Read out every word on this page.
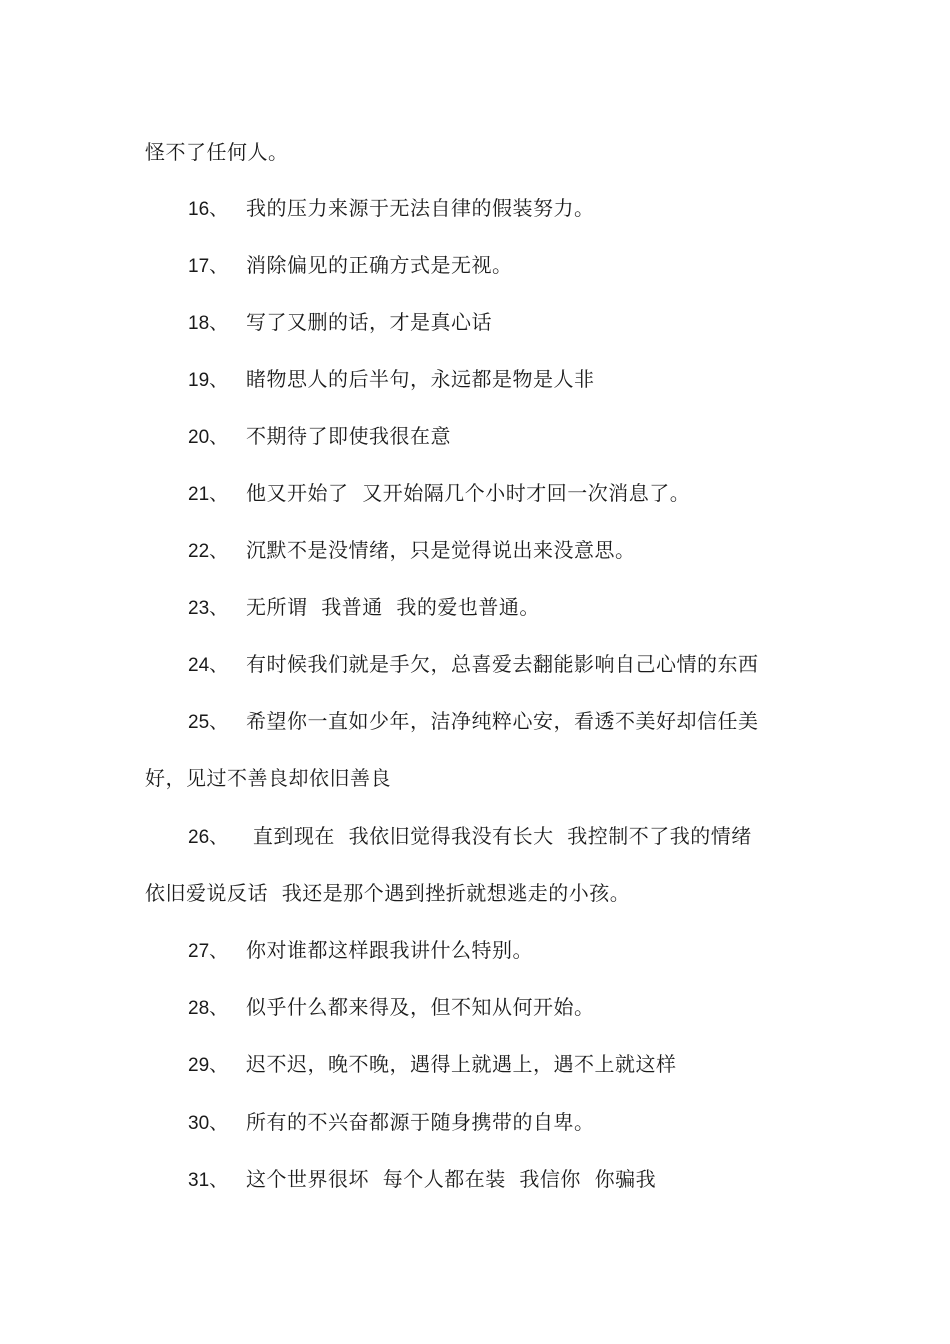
怪不了任何人。
16、 我的压力来源于无法自律的假装努力。
17、 消除偏见的正确方式是无视。
18、 写了又删的话，才是真心话
19、 睹物思人的后半句，永远都是物是人非
20、 不期待了即使我很在意
21、 他又开始了  又开始隔几个小时才回一次消息了。
22、 沉默不是没情绪，只是觉得说出来没意思。
23、 无所谓  我普通  我的爱也普通。
24、 有时候我们就是手欠，总喜爱去翻能影响自己心情的东西
25、 希望你一直如少年，洁净纯粹心安，看透不美好却信任美
好，见过不善良却依旧善良
26、 直到现在  我依旧觉得我没有长大  我控制不了我的情绪
依旧爱说反话  我还是那个遇到挫折就想逃走的小孩。
27、 你对谁都这样跟我讲什么特别。
28、 似乎什么都来得及，但不知从何开始。
29、 迟不迟，晚不晚，遇得上就遇上，遇不上就这样
30、 所有的不兴奋都源于随身携带的自卑。
31、 这个世界很坏  每个人都在装  我信你  你骗我
